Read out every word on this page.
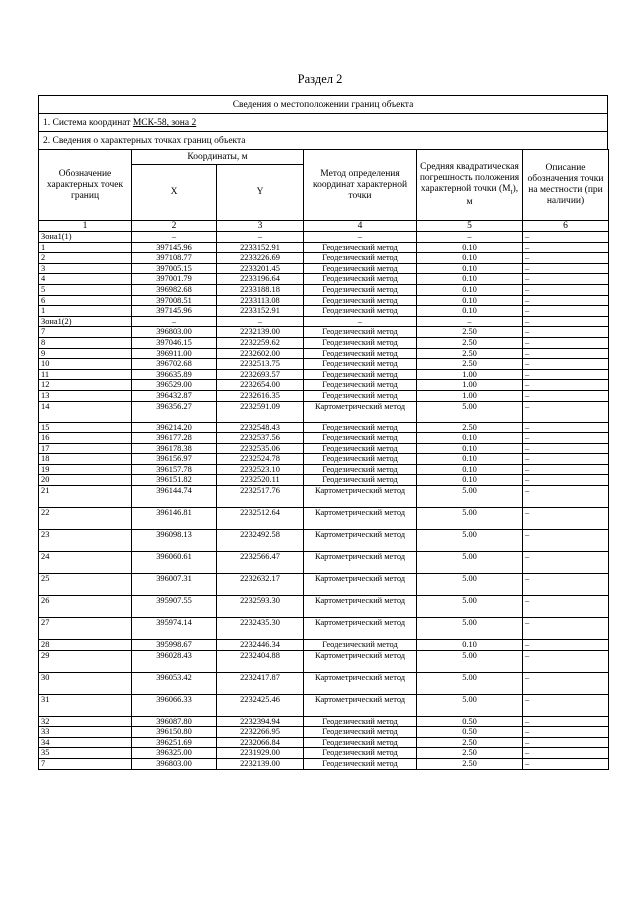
Раздел 2
Сведения о местоположении границ объекта
1. Система координат МСК-58, зона 2
2. Сведения о характерных точках границ объекта
Обозначение характерных точек границ	Координаты, м		Метод определения координат характерной точки	Средняя квадратическая погрешность положения характерной точки $(M_t)$, м	Описание обозначения точки на местности (при наличии)
	X	Y			
1	2	3	4	5	6
Зона1(1)	–	–	–	–	–
1	397145.96	2233152.91	Геодезический метод	0.10	–
2	397108.77	2233226.69	Геодезический метод	0.10	–
3	397005.15	2233201.45	Геодезический метод	0.10	–
4	397001.79	2233196.64	Геодезический метод	0.10	–
5	396982.68	2233188.18	Геодезический метод	0.10	–
6	397008.51	2233113.08	Геодезический метод	0.10	–
1	397145.96	2233152.91	Геодезический метод	0.10	–
Зона1(2)	–	–	–	–	–
7	396803.00	2232139.00	Геодезический метод	2.50	–
8	397046.15	2232259.62	Геодезический метод	2.50	–
9	396911.00	2232602.00	Геодезический метод	2.50	–
10	396702.68	2232513.75	Геодезический метод	2.50	–
11	396635.89	2232693.57	Геодезический метод	1.00	–
12	396529.00	2232654.00	Геодезический метод	1.00	–
13	396432.87	2232616.35	Геодезический метод	1.00	–
14	396356.27	2232591.09	Картометрический метод	5.00	–
15	396214.20	2232548.43	Геодезический метод	2.50	–
16	396177.28	2232537.56	Геодезический метод	0.10	–
17	396178.38	2232535.06	Геодезический метод	0.10	–
18	396156.97	2232524.78	Геодезический метод	0.10	–
19	396157.78	2232523.10	Геодезический метод	0.10	–
20	396151.82	2232520.11	Геодезический метод	0.10	–
21	396144.74	2232517.76	Картометрический метод	5.00	–
22	396146.81	2232512.64	Картометрический метод	5.00	–
23	396098.13	2232492.58	Картометрический метод	5.00	–
24	396060.61	2232566.47	Картометрический метод	5.00	–
25	396007.31	2232632.17	Картометрический метод	5.00	–
26	395907.55	2232593.30	Картометрический метод	5.00	–
27	395974.14	2232435.30	Картометрический метод	5.00	–
28	395998.67	2232446.34	Геодезический метод	0.10	–
29	396028.43	2232404.88	Картометрический метод	5.00	–
30	396053.42	2232417.87	Картометрический метод	5.00	–
31	396066.33	2232425.46	Картометрический метод	5.00	–
32	396087.80	2232394.94	Геодезический метод	0.50	–
33	396150.80	2232266.95	Геодезический метод	0.50	–
34	396251.69	2232066.84	Геодезический метод	2.50	–
35	396325.00	2231929.00	Геодезический метод	2.50	–
7	396803.00	2232139.00	Геодезический метод	2.50	–
